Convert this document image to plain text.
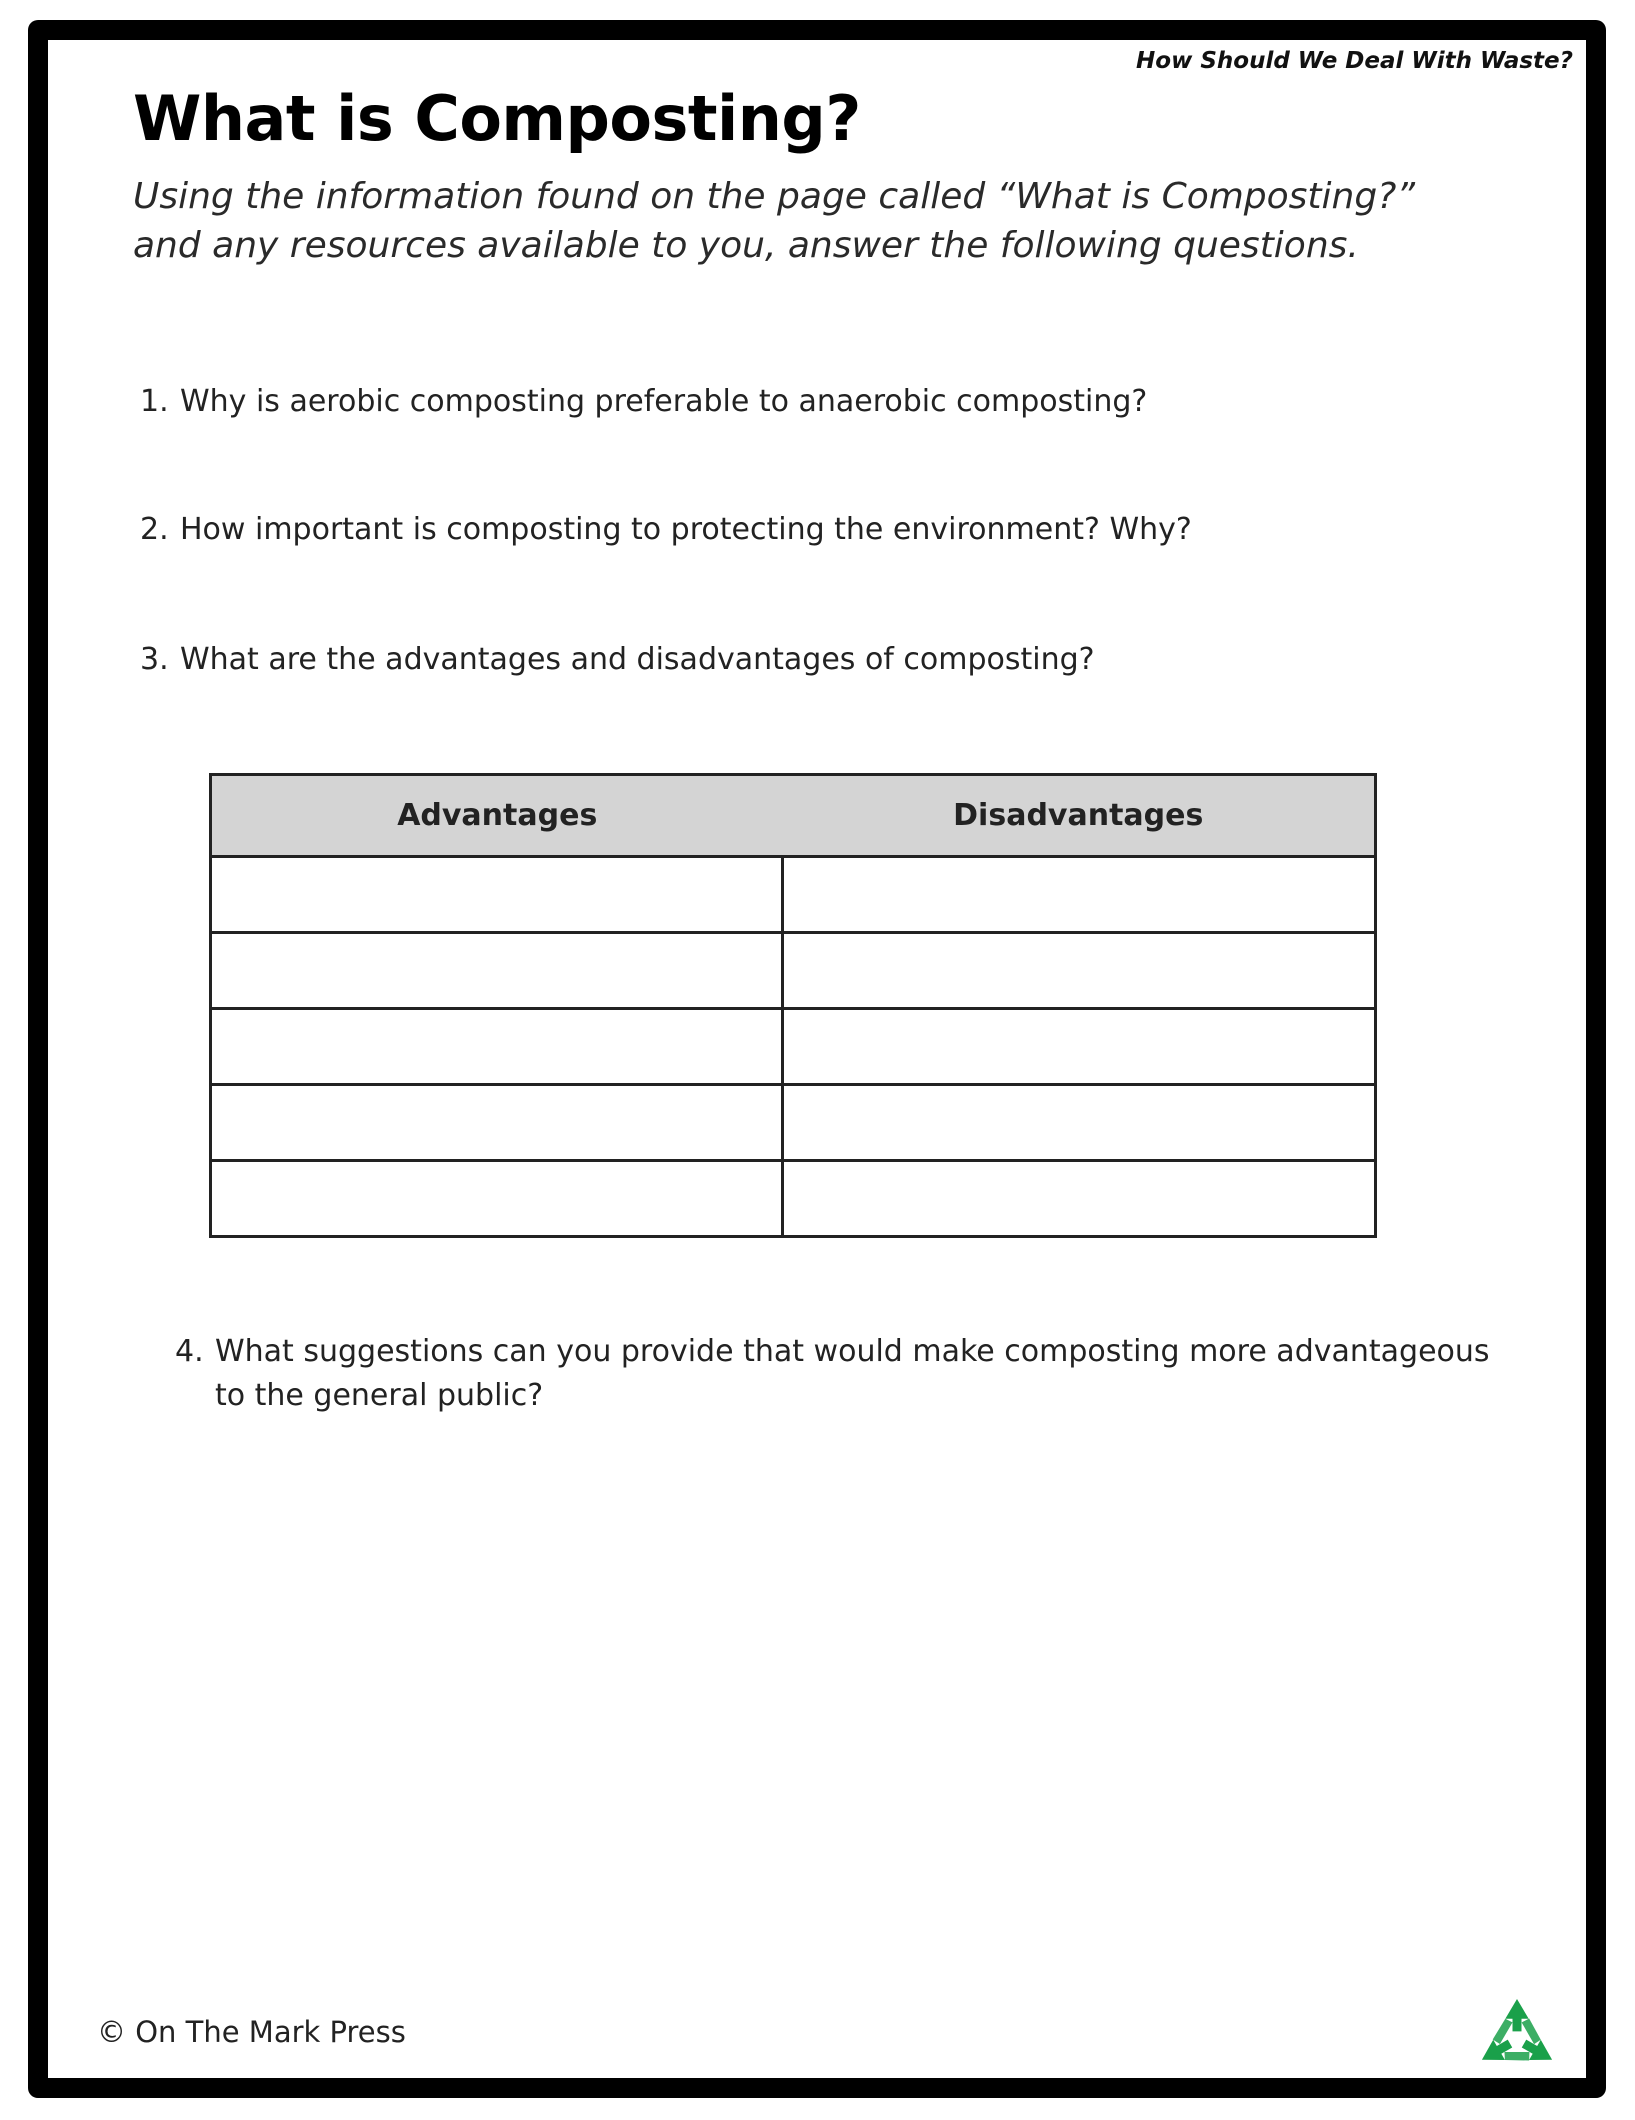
How Should We Deal With Waste?
What is Composting?

Using the information found on the page called “What is Composting?” and any resources available to you, answer the following questions.

1. Why is aerobic composting preferable to anaerobic composting?
2. How important is composting to protecting the environment? Why?
3. What are the advantages and disadvantages of composting?
Advantages	Disadvantages

4. What suggestions can you provide that would make composting more advantageous
to the general public?
© On The Mark Press
